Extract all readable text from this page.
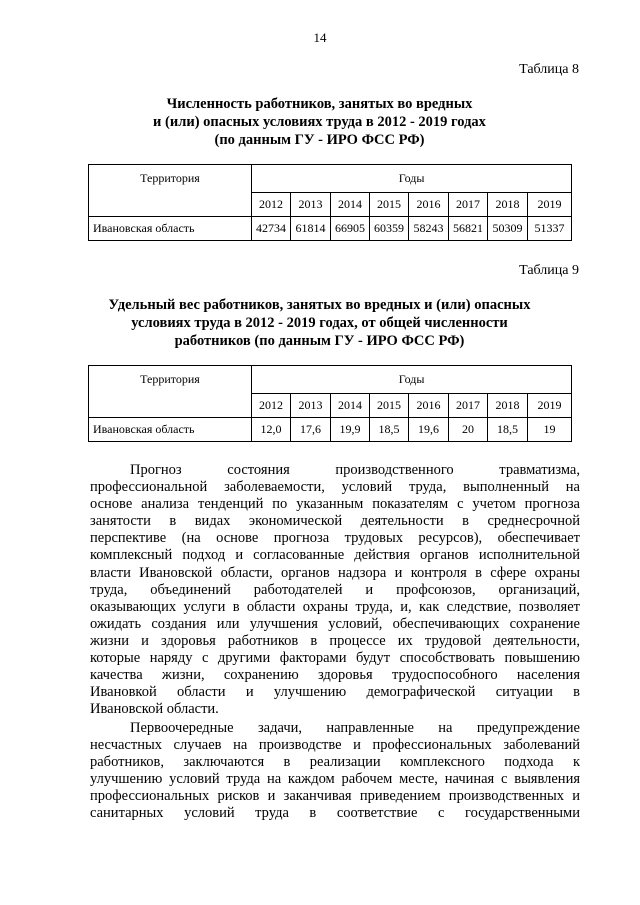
14
Таблица 8
Численность работников, занятых во вредных
и (или) опасных условиях труда в 2012 - 2019 годах
(по данным ГУ - ИРО ФСС РФ)
Территория	Годы							
	2012	2013	2014	2015	2016	2017	2018	2019
Ивановская область	42734	61814	66905	60359	58243	56821	50309	51337
Таблица 9
Удельный вес работников, занятых во вредных и (или) опасных
условиях труда в 2012 - 2019 годах, от общей численности
работников (по данным ГУ - ИРО ФСС РФ)
Территория	Годы							
	2012	2013	2014	2015	2016	2017	2018	2019
Ивановская область	12,0	17,6	19,9	18,5	19,6	20	18,5	19
Прогноз состояния производственного травматизма,
профессиональной заболеваемости, условий труда, выполненный на
основе анализа тенденций по указанным показателям с учетом прогноза
занятости в видах экономической деятельности в среднесрочной
перспективе (на основе прогноза трудовых ресурсов), обеспечивает
комплексный подход и согласованные действия органов исполнительной
власти Ивановской области, органов надзора и контроля в сфере охраны
труда, объединений работодателей и профсоюзов, организаций,
оказывающих услуги в области охраны труда, и, как следствие, позволяет
ожидать создания или улучшения условий, обеспечивающих сохранение
жизни и здоровья работников в процессе их трудовой деятельности,
которые наряду с другими факторами будут способствовать повышению
качества жизни, сохранению здоровья трудоспособного населения
Ивановкой области и улучшению демографической ситуации в
Ивановской области.
Первоочередные задачи, направленные на предупреждение
несчастных случаев на производстве и профессиональных заболеваний
работников, заключаются в реализации комплексного подхода к
улучшению условий труда на каждом рабочем месте, начиная с выявления
профессиональных рисков и заканчивая приведением производственных и
санитарных условий труда в соответствие с государственными
